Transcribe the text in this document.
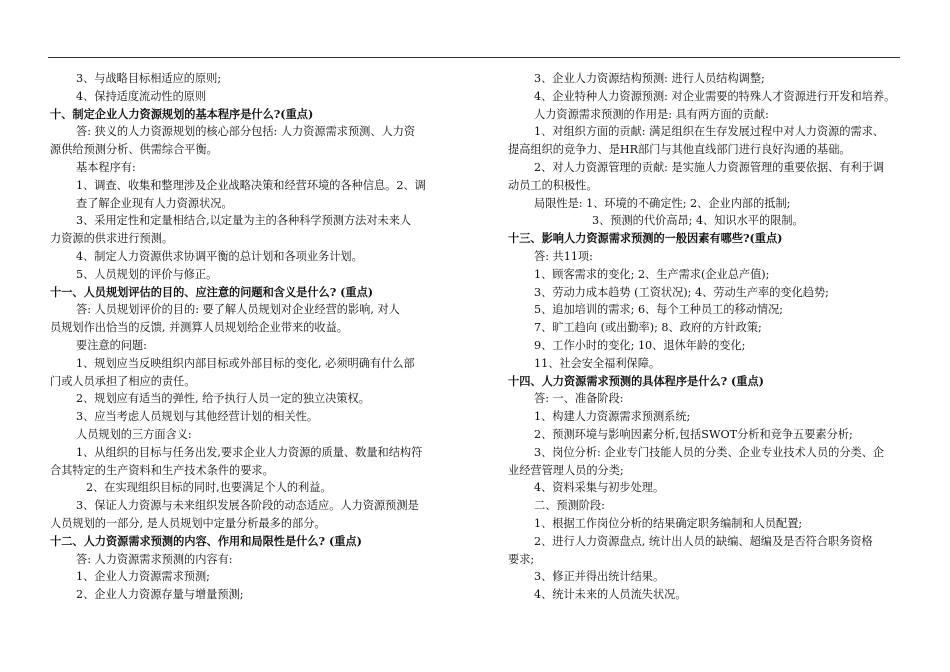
3、与战略目标相适应的原则;
4、保持适度流动性的原则
十、制定企业人力资源规划的基本程序是什么?(重点)
答: 狭义的人力资源规划的核心部分包括: 人力资源需求预测、人力资
源供给预测分析、供需综合平衡。
基本程序有:
1、调查、收集和整理涉及企业战略决策和经营环境的各种信息。2、调
查了解企业现有人力资源状况。
3、采用定性和定量相结合,以定量为主的各种科学预测方法对未来人
力资源的供求进行预测。
4、制定人力资源供求协调平衡的总计划和各项业务计划。
5、人员规划的评价与修正。
十一、人员规划评估的目的、应注意的问题和含义是什么? (重点)
答: 人员规划评价的目的: 要了解人员规划对企业经营的影响, 对人
员规划作出恰当的反馈, 并测算人员规划给企业带来的收益。
要注意的问题:
1、规划应当反映组织内部目标或外部目标的变化, 必须明确有什么部
门或人员承担了相应的责任。
2、规划应有适当的弹性, 给予执行人员一定的独立决策权。
3、应当考虑人员规划与其他经营计划的相关性。
人员规划的三方面含义:
1、从组织的目标与任务出发,要求企业人力资源的质量、数量和结构符
合其特定的生产资料和生产技术条件的要求。
2、在实现组织目标的同时,也要满足个人的利益。
3、保证人力资源与未来组织发展各阶段的动态适应。人力资源预测是
人员规划的一部分, 是人员规划中定量分析最多的部分。
十二、人力资源需求预测的内容、作用和局限性是什么? (重点)
答: 人力资源需求预测的内容有:
1、企业人力资源需求预测;
2、企业人力资源存量与增量预测;
3、企业人力资源结构预测: 进行人员结构调整;
4、企业特种人力资源预测: 对企业需要的特殊人才资源进行开发和培养。
人力资源需求预测的作用是: 具有两方面的贡献:
1、对组织方面的贡献: 满足组织在生存发展过程中对人力资源的需求、
提高组织的竞争力、是HR部门与其他直线部门进行良好沟通的基础。
2、对人力资源管理的贡献: 是实施人力资源管理的重要依据、有利于调
动员工的积极性。
局限性是: 1、环境的不确定性; 2、企业内部的抵制;
3、预测的代价高昂; 4、知识水平的限制。
十三、影响人力资源需求预测的一般因素有哪些?(重点)
答: 共11项:
1、顾客需求的变化; 2、生产需求(企业总产值);
3、劳动力成本趋势 (工资状况); 4、劳动生产率的变化趋势;
5、追加培训的需求; 6、每个工种员工的移动情况;
7、旷工趋向 (或出勤率); 8、政府的方针政策;
9、工作小时的变化; 10、退休年龄的变化;
11、社会安全福利保障。
十四、人力资源需求预测的具体程序是什么? (重点)
答: 一、准备阶段:
1、构建人力资源需求预测系统;
2、预测环境与影响因素分析,包括SWOT分析和竞争五要素分析;
3、岗位分析: 企业专门技能人员的分类、企业专业技术人员的分类、企
业经营管理人员的分类;
4、资料采集与初步处理。
二、预测阶段:
1、根据工作岗位分析的结果确定职务编制和人员配置;
2、进行人力资源盘点, 统计出人员的缺编、超编及是否符合职务资格
要求;
3、修正并得出统计结果。
4、统计未来的人员流失状况。
